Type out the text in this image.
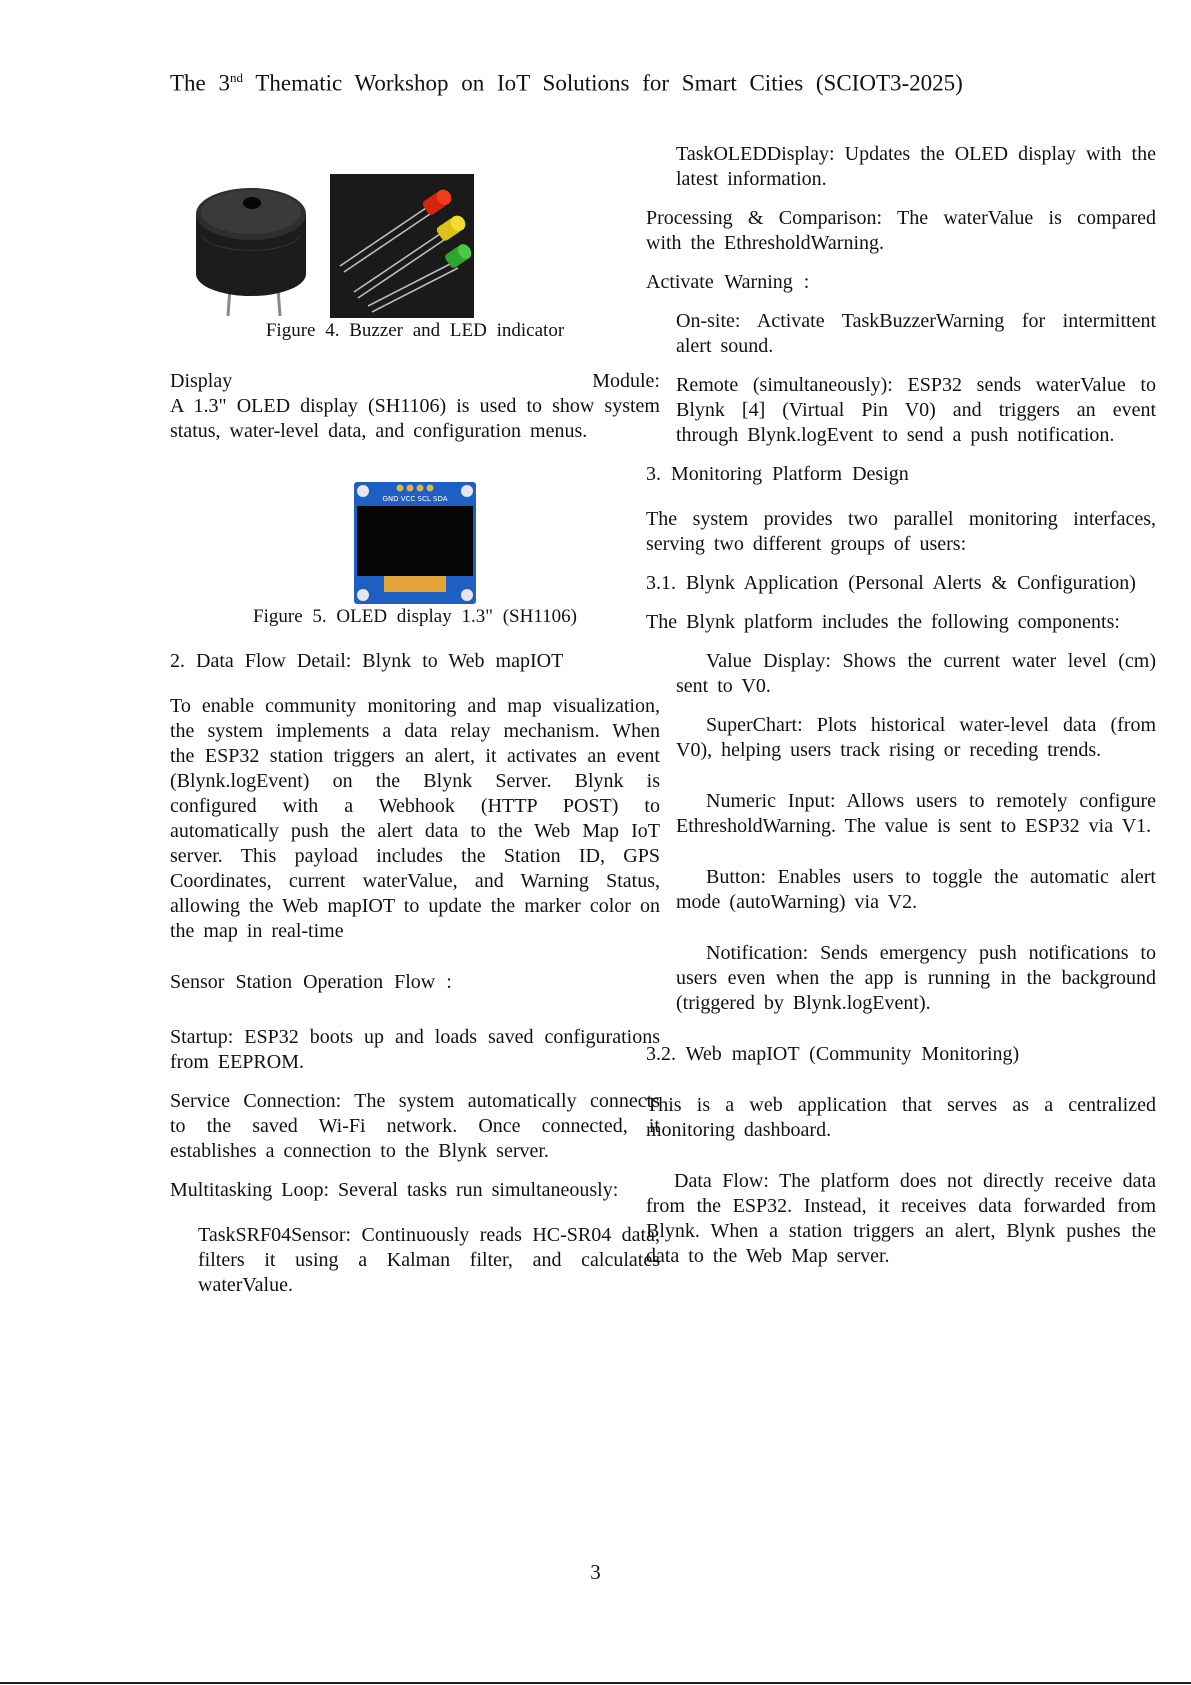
The 3nd Thematic Workshop on IoT Solutions for Smart Cities (SCIOT3-2025)

Figure 4. Buzzer and LED indicator

Display Module:

A 1.3" OLED display (SH1106) is used to show system status, water-level data, and configuration menus.

GND VCC SCL SDA

Figure 5. OLED display 1.3" (SH1106)

2. Data Flow Detail: Blynk to Web mapIOT

To enable community monitoring and map visualization, the system implements a data relay mechanism. When the ESP32 station triggers an alert, it activates an event (Blynk.logEvent) on the Blynk Server. Blynk is configured with a Webhook (HTTP POST) to automatically push the alert data to the Web Map IoT server. This payload includes the Station ID, GPS Coordinates, current waterValue, and Warning Status, allowing the Web mapIOT to update the marker color on the map in real-time

Sensor Station Operation Flow :

Startup: ESP32 boots up and loads saved configurations from EEPROM.

Service Connection: The system automatically connects to the saved Wi-Fi network. Once connected, it establishes a connection to the Blynk server.

Multitasking Loop: Several tasks run simultaneously:

TaskSRF04Sensor: Continuously reads HC-SR04 data, filters it using a Kalman filter, and calculates waterValue.

TaskOLEDDisplay: Updates the OLED display with the latest information.

Processing & Comparison: The waterValue is compared with the EthresholdWarning.

Activate Warning :

On-site: Activate TaskBuzzerWarning for intermittent alert sound.

Remote (simultaneously): ESP32 sends waterValue to Blynk [4] (Virtual Pin V0) and triggers an event through Blynk.logEvent to send a push notification.

3. Monitoring Platform Design

The system provides two parallel monitoring interfaces, serving two different groups of users:

3.1. Blynk Application (Personal Alerts & Configuration)

The Blynk platform includes the following components:

Value Display: Shows the current water level (cm) sent to V0.

SuperChart: Plots historical water-level data (from V0), helping users track rising or receding trends.

Numeric Input: Allows users to remotely configure EthresholdWarning. The value is sent to ESP32 via V1.

Button: Enables users to toggle the automatic alert mode (autoWarning) via V2.

Notification: Sends emergency push notifications to users even when the app is running in the background (triggered by Blynk.logEvent).

3.2. Web mapIOT (Community Monitoring)

This is a web application that serves as a centralized monitoring dashboard.

Data Flow: The platform does not directly receive data from the ESP32. Instead, it receives data forwarded from Blynk. When a station triggers an alert, Blynk pushes the data to the Web Map server.

3
